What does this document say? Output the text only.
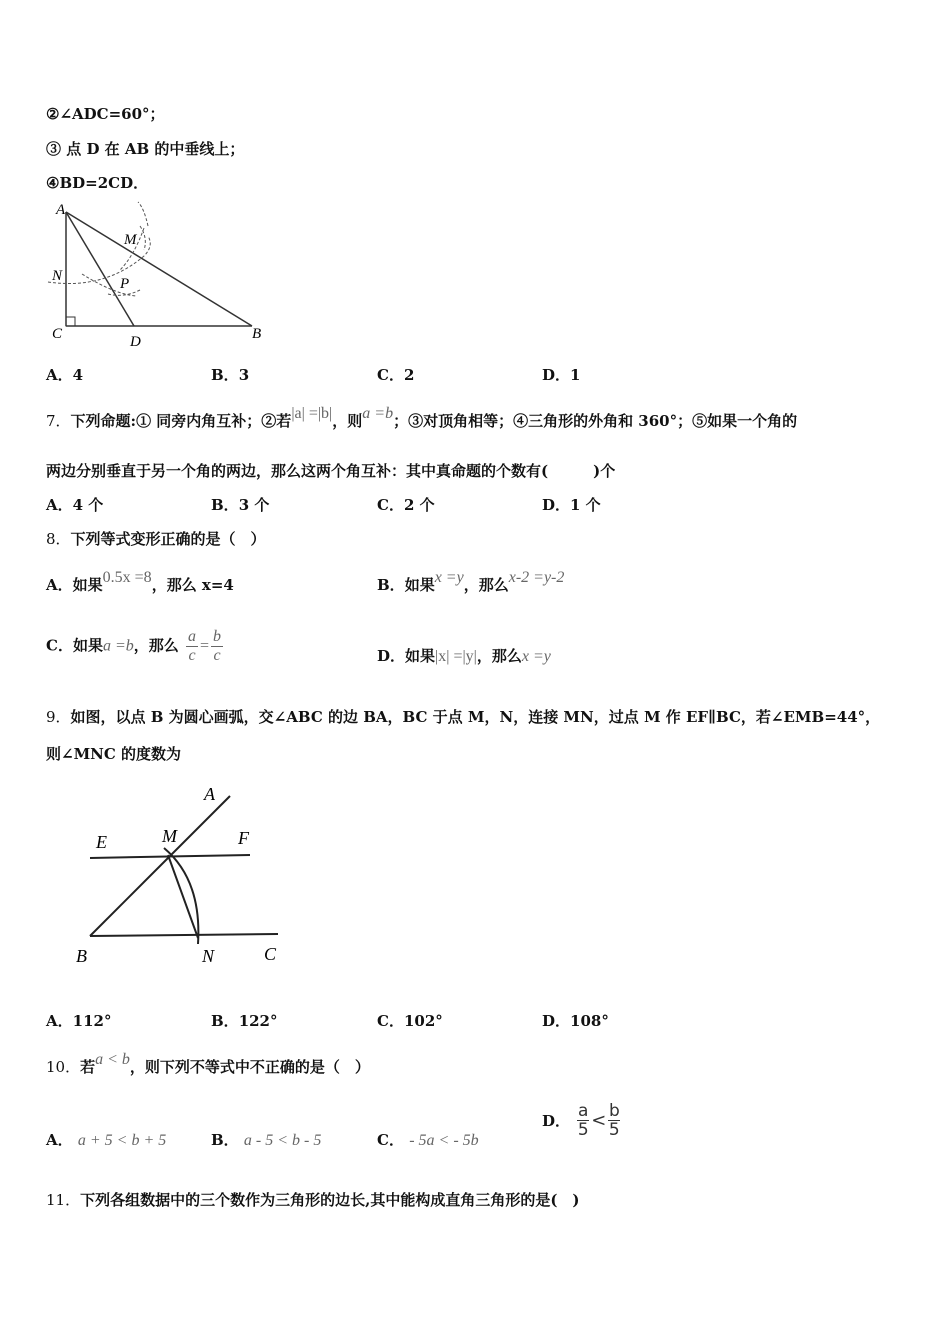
②∠ADC=60°；
③ 点 D 在 AB 的中垂线上；
④BD=2CD．
A
M
N	P
C	D	B
A．4	B．3	C．2	D．1
7．下列命题:① 同旁内角互补；②若|a| =|b|，则a =b；③对顶角相等；④三角形的外角和 360°；⑤如果一个角的
两边分别垂直于另一个角的两边，那么这两个角互补：其中真命题的个数有(　　　)个
A．4 个	B．3 个	C．2 个	D．1 个
8．下列等式变形正确的是（　）
A．如果0.5x =8，那么 x=4	B．如果x =y，那么x-2 =y-2
C．如果a =b，那么 $\frac{a}{c} = \frac{b}{c}$	D．如果|x| =|y|，那么x =y
9．如图，以点 B 为圆心画弧，交∠ABC 的边 BA，BC 于点 M，N，连接 MN，过点 M 作 EF∥BC，若∠EMB=44°，
则∠MNC 的度数为
A
E	M	F
B	N	C
A．112°	B．122°	C．102°	D．108°
10．若a < b，则下列不等式中不正确的是（　）
A． a + 5 < b + 5	B． a - 5 < b - 5	C． - 5a < - 5b
D． $\frac{a}{5} < \frac{b}{5}$
11．下列各组数据中的三个数作为三角形的边长,其中能构成直角三角形的是(　)
